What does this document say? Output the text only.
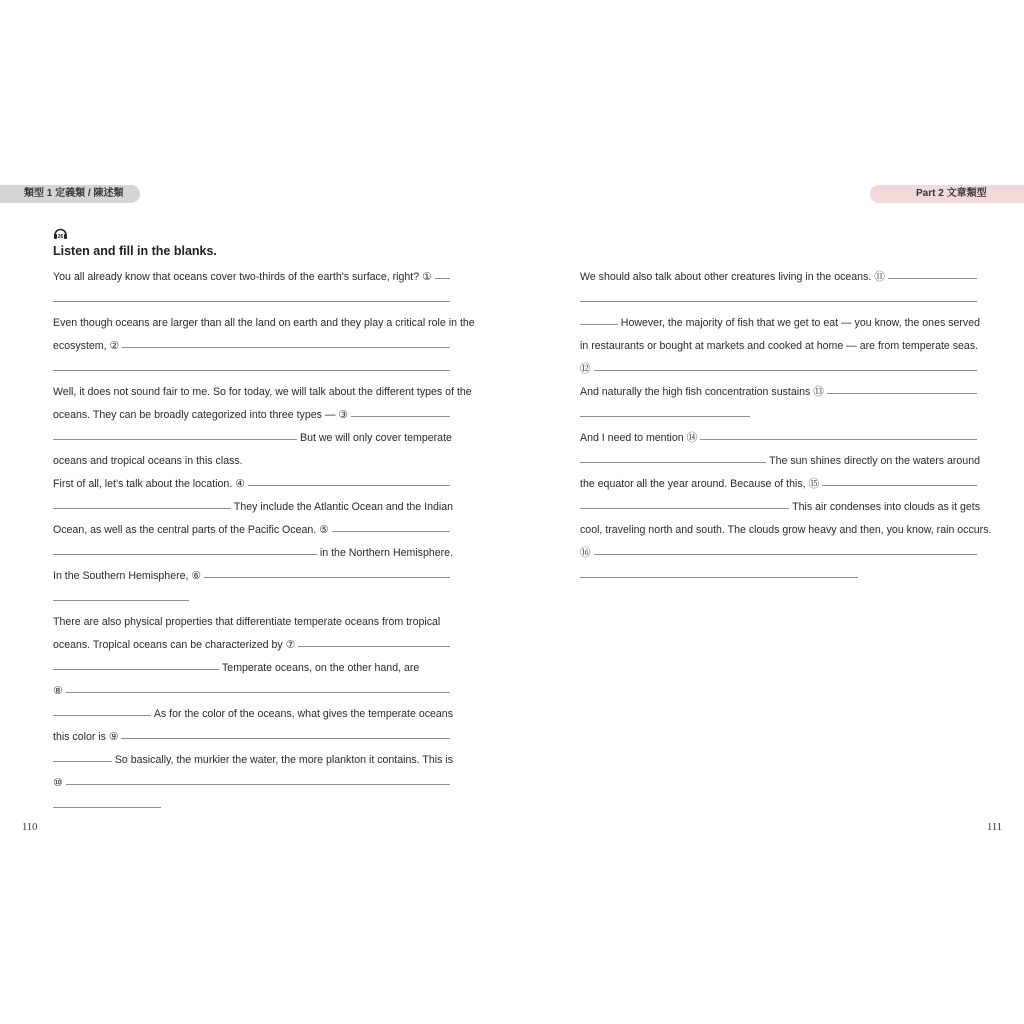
類型 1 定義類 / 陳述類	Part 2 文章類型
26
Listen and fill in the blanks.
You all already know that oceans cover two-thirds of the earth's surface, right? ①
Even though oceans are larger than all the land on earth and they play a critical role in the
ecosystem, ②
Well, it does not sound fair to me. So for today, we will talk about the different types of the
oceans. They can be broadly categorized into three types — ③
But we will only cover temperate
oceans and tropical oceans in this class.
First of all, let's talk about the location. ④
They include the Atlantic Ocean and the Indian
Ocean, as well as the central parts of the Pacific Ocean. ⑤
in the Northern Hemisphere.
In the Southern Hemisphere, ⑥
There are also physical properties that differentiate temperate oceans from tropical
oceans. Tropical oceans can be characterized by ⑦
Temperate oceans, on the other hand, are
⑧
As for the color of the oceans, what gives the temperate oceans
this color is ⑨
So basically, the murkier the water, the more plankton it contains. This is
⑩
We should also talk about other creatures living in the oceans. ⑪
However, the majority of fish that we get to eat — you know, the ones served
in restaurants or bought at markets and cooked at home — are from temperate seas.
⑫
And naturally the high fish concentration sustains ⑬
And I need to mention ⑭
The sun shines directly on the waters around
the equator all the year around. Because of this, ⑮
This air condenses into clouds as it gets
cool, traveling north and south. The clouds grow heavy and then, you know, rain occurs.
⑯
110	111
